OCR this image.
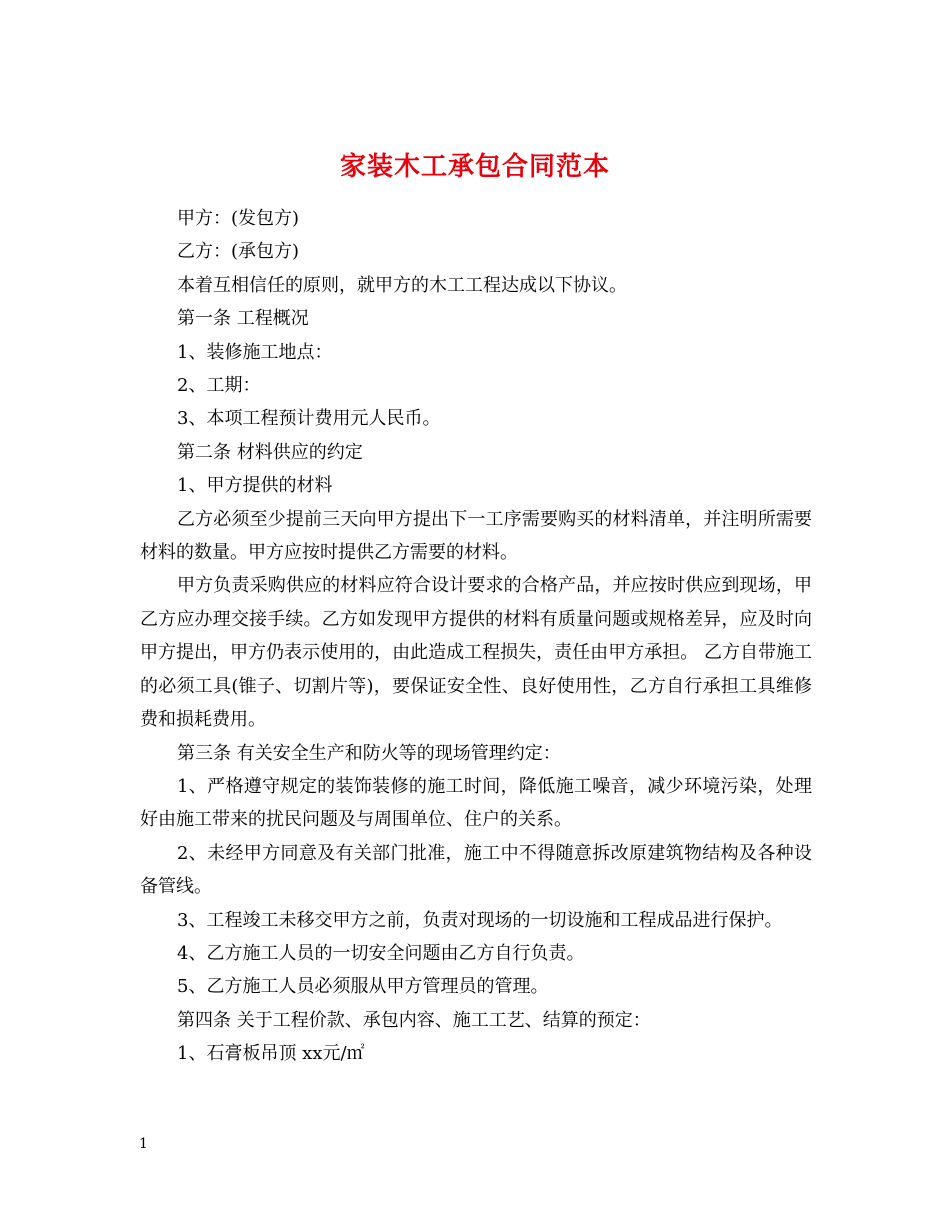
家装木工承包合同范本

甲方：(发包方)

乙方：(承包方)

本着互相信任的原则，就甲方的木工工程达成以下协议。

第一条 工程概况

1、装修施工地点：

2、工期：

3、本项工程预计费用元人民币。

第二条 材料供应的约定

1、甲方提供的材料

乙方必须至少提前三天向甲方提出下一工序需要购买的材料清单，并注明所需要材料的数量。甲方应按时提供乙方需要的材料。

甲方负责采购供应的材料应符合设计要求的合格产品，并应按时供应到现场，甲乙方应办理交接手续。乙方如发现甲方提供的材料有质量问题或规格差异，应及时向甲方提出，甲方仍表示使用的，由此造成工程损失，责任由甲方承担。 乙方自带施工的必须工具(锥子、切割片等)，要保证安全性、良好使用性，乙方自行承担工具维修费和损耗费用。

第三条 有关安全生产和防火等的现场管理约定：

1、严格遵守规定的装饰装修的施工时间，降低施工噪音，减少环境污染，处理好由施工带来的扰民问题及与周围单位、住户的关系。

2、未经甲方同意及有关部门批准，施工中不得随意拆改原建筑物结构及各种设备管线。

3、工程竣工未移交甲方之前，负责对现场的一切设施和工程成品进行保护。

4、乙方施工人员的一切安全问题由乙方自行负责。

5、乙方施工人员必须服从甲方管理员的管理。

第四条 关于工程价款、承包内容、施工工艺、结算的预定：

1、石膏板吊顶 xx元/㎡

1
